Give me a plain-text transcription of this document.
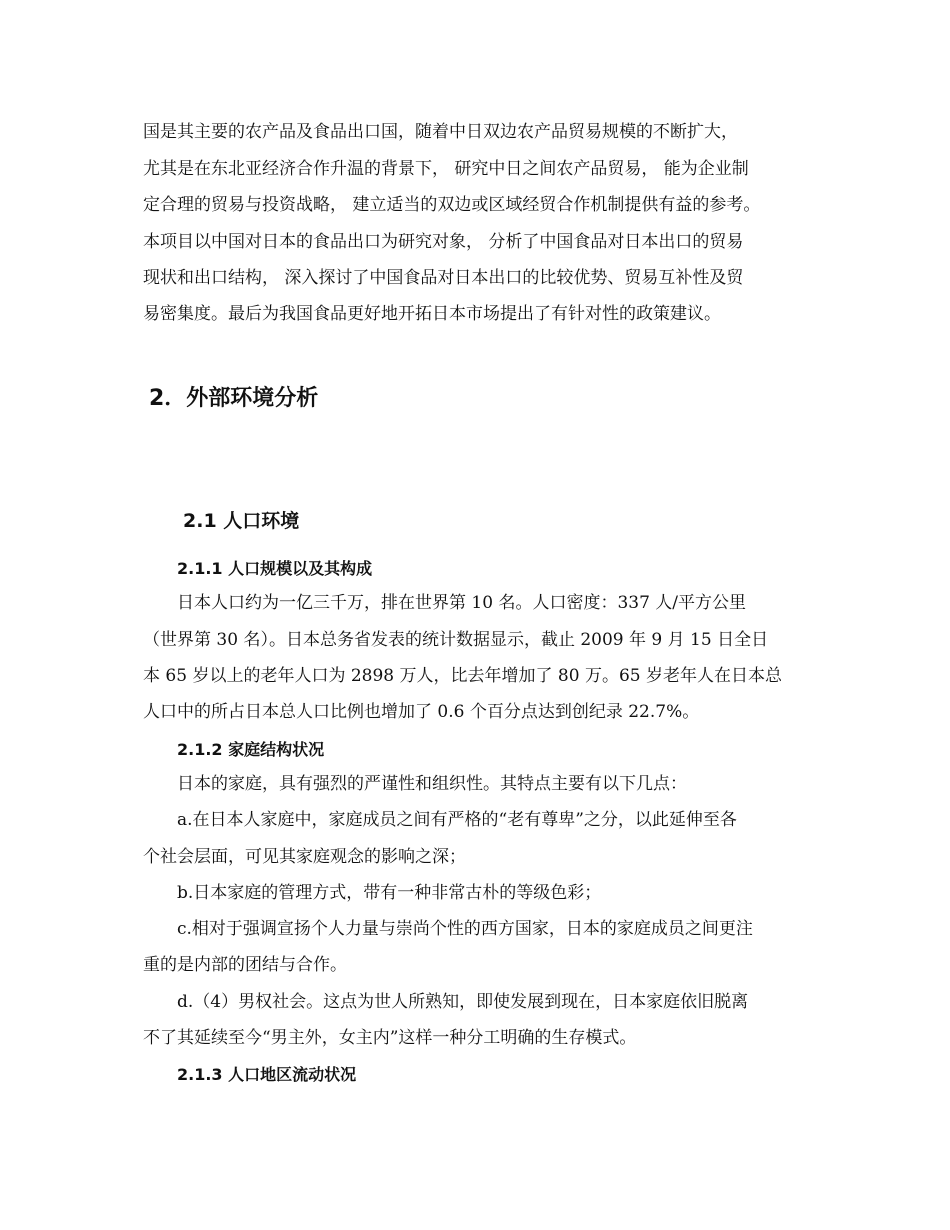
国是其主要的农产品及食品出口国，随着中日双边农产品贸易规模的不断扩大，
尤其是在东北亚经济合作升温的背景下， 研究中日之间农产品贸易， 能为企业制
定合理的贸易与投资战略， 建立适当的双边或区域经贸合作机制提供有益的参考。
本项目以中国对日本的食品出口为研究对象， 分析了中国食品对日本出口的贸易
现状和出口结构， 深入探讨了中国食品对日本出口的比较优势、贸易互补性及贸
易密集度。最后为我国食品更好地开拓日本市场提出了有针对性的政策建议。
2．外部环境分析
2.1 人口环境
2.1.1 人口规模以及其构成
日本人口约为一亿三千万，排在世界第 10 名。人口密度：337 人/平方公里
（世界第 30 名）。日本总务省发表的统计数据显示，截止 2009 年 9 月 15 日全日
本 65 岁以上的老年人口为 2898 万人，比去年增加了 80 万。65 岁老年人在日本总
人口中的所占日本总人口比例也增加了 0.6 个百分点达到创纪录 22.7%。
2.1.2 家庭结构状况
日本的家庭，具有强烈的严谨性和组织性。其特点主要有以下几点：
a.在日本人家庭中，家庭成员之间有严格的“老有尊卑”之分，以此延伸至各
个社会层面，可见其家庭观念的影响之深；
b.日本家庭的管理方式，带有一种非常古朴的等级色彩；
c.相对于强调宣扬个人力量与崇尚个性的西方国家，日本的家庭成员之间更注
重的是内部的团结与合作。
d.（4）男权社会。这点为世人所熟知，即使发展到现在，日本家庭依旧脱离
不了其延续至今“男主外，女主内”这样一种分工明确的生存模式。
2.1.3 人口地区流动状况
